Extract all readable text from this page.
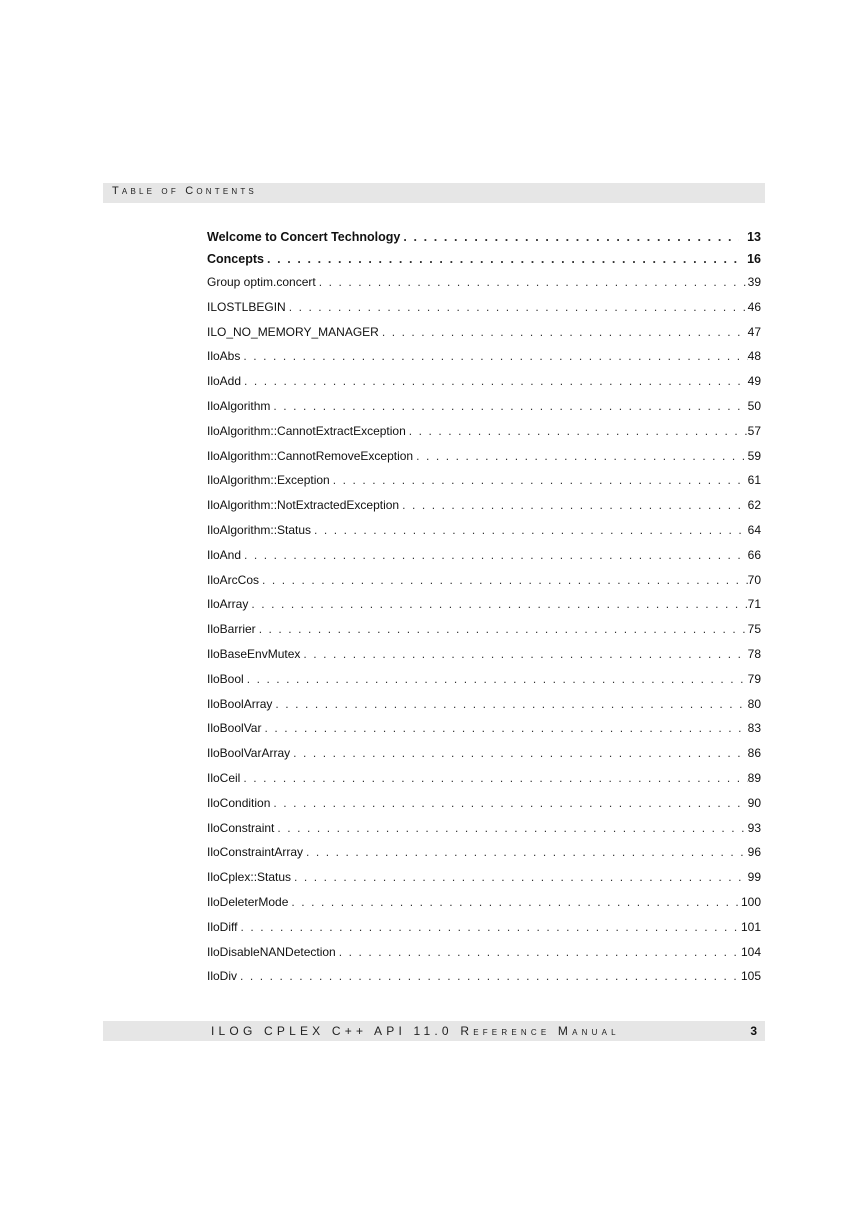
Table of Contents
Welcome to Concert Technology . . .	13
Concepts . . .	16
Group optim.concert . . .	39
ILOSTLBEGIN . . .	46
ILO_NO_MEMORY_MANAGER . . .	47
IloAbs . . .	48
IloAdd . . .	49
IloAlgorithm . . .	50
IloAlgorithm::CannotExtractException . . .	57
IloAlgorithm::CannotRemoveException . . .	59
IloAlgorithm::Exception . . .	61
IloAlgorithm::NotExtractedException . . .	62
IloAlgorithm::Status . . .	64
IloAnd . . .	66
IloArcCos . . .	70
IloArray . . .	71
IloBarrier . . .	75
IloBaseEnvMutex . . .	78
IloBool . . .	79
IloBoolArray . . .	80
IloBoolVar . . .	83
IloBoolVarArray . . .	86
IloCeil . . .	89
IloCondition . . .	90
IloConstraint . . .	93
IloConstraintArray . . .	96
IloCplex::Status . . .	99
IloDeleterMode . . .	100
IloDiff . . .	101
IloDisableNANDetection . . .	104
IloDiv . . .	105
ILOG CPLEX C++ API 11.0 Reference Manual	3
